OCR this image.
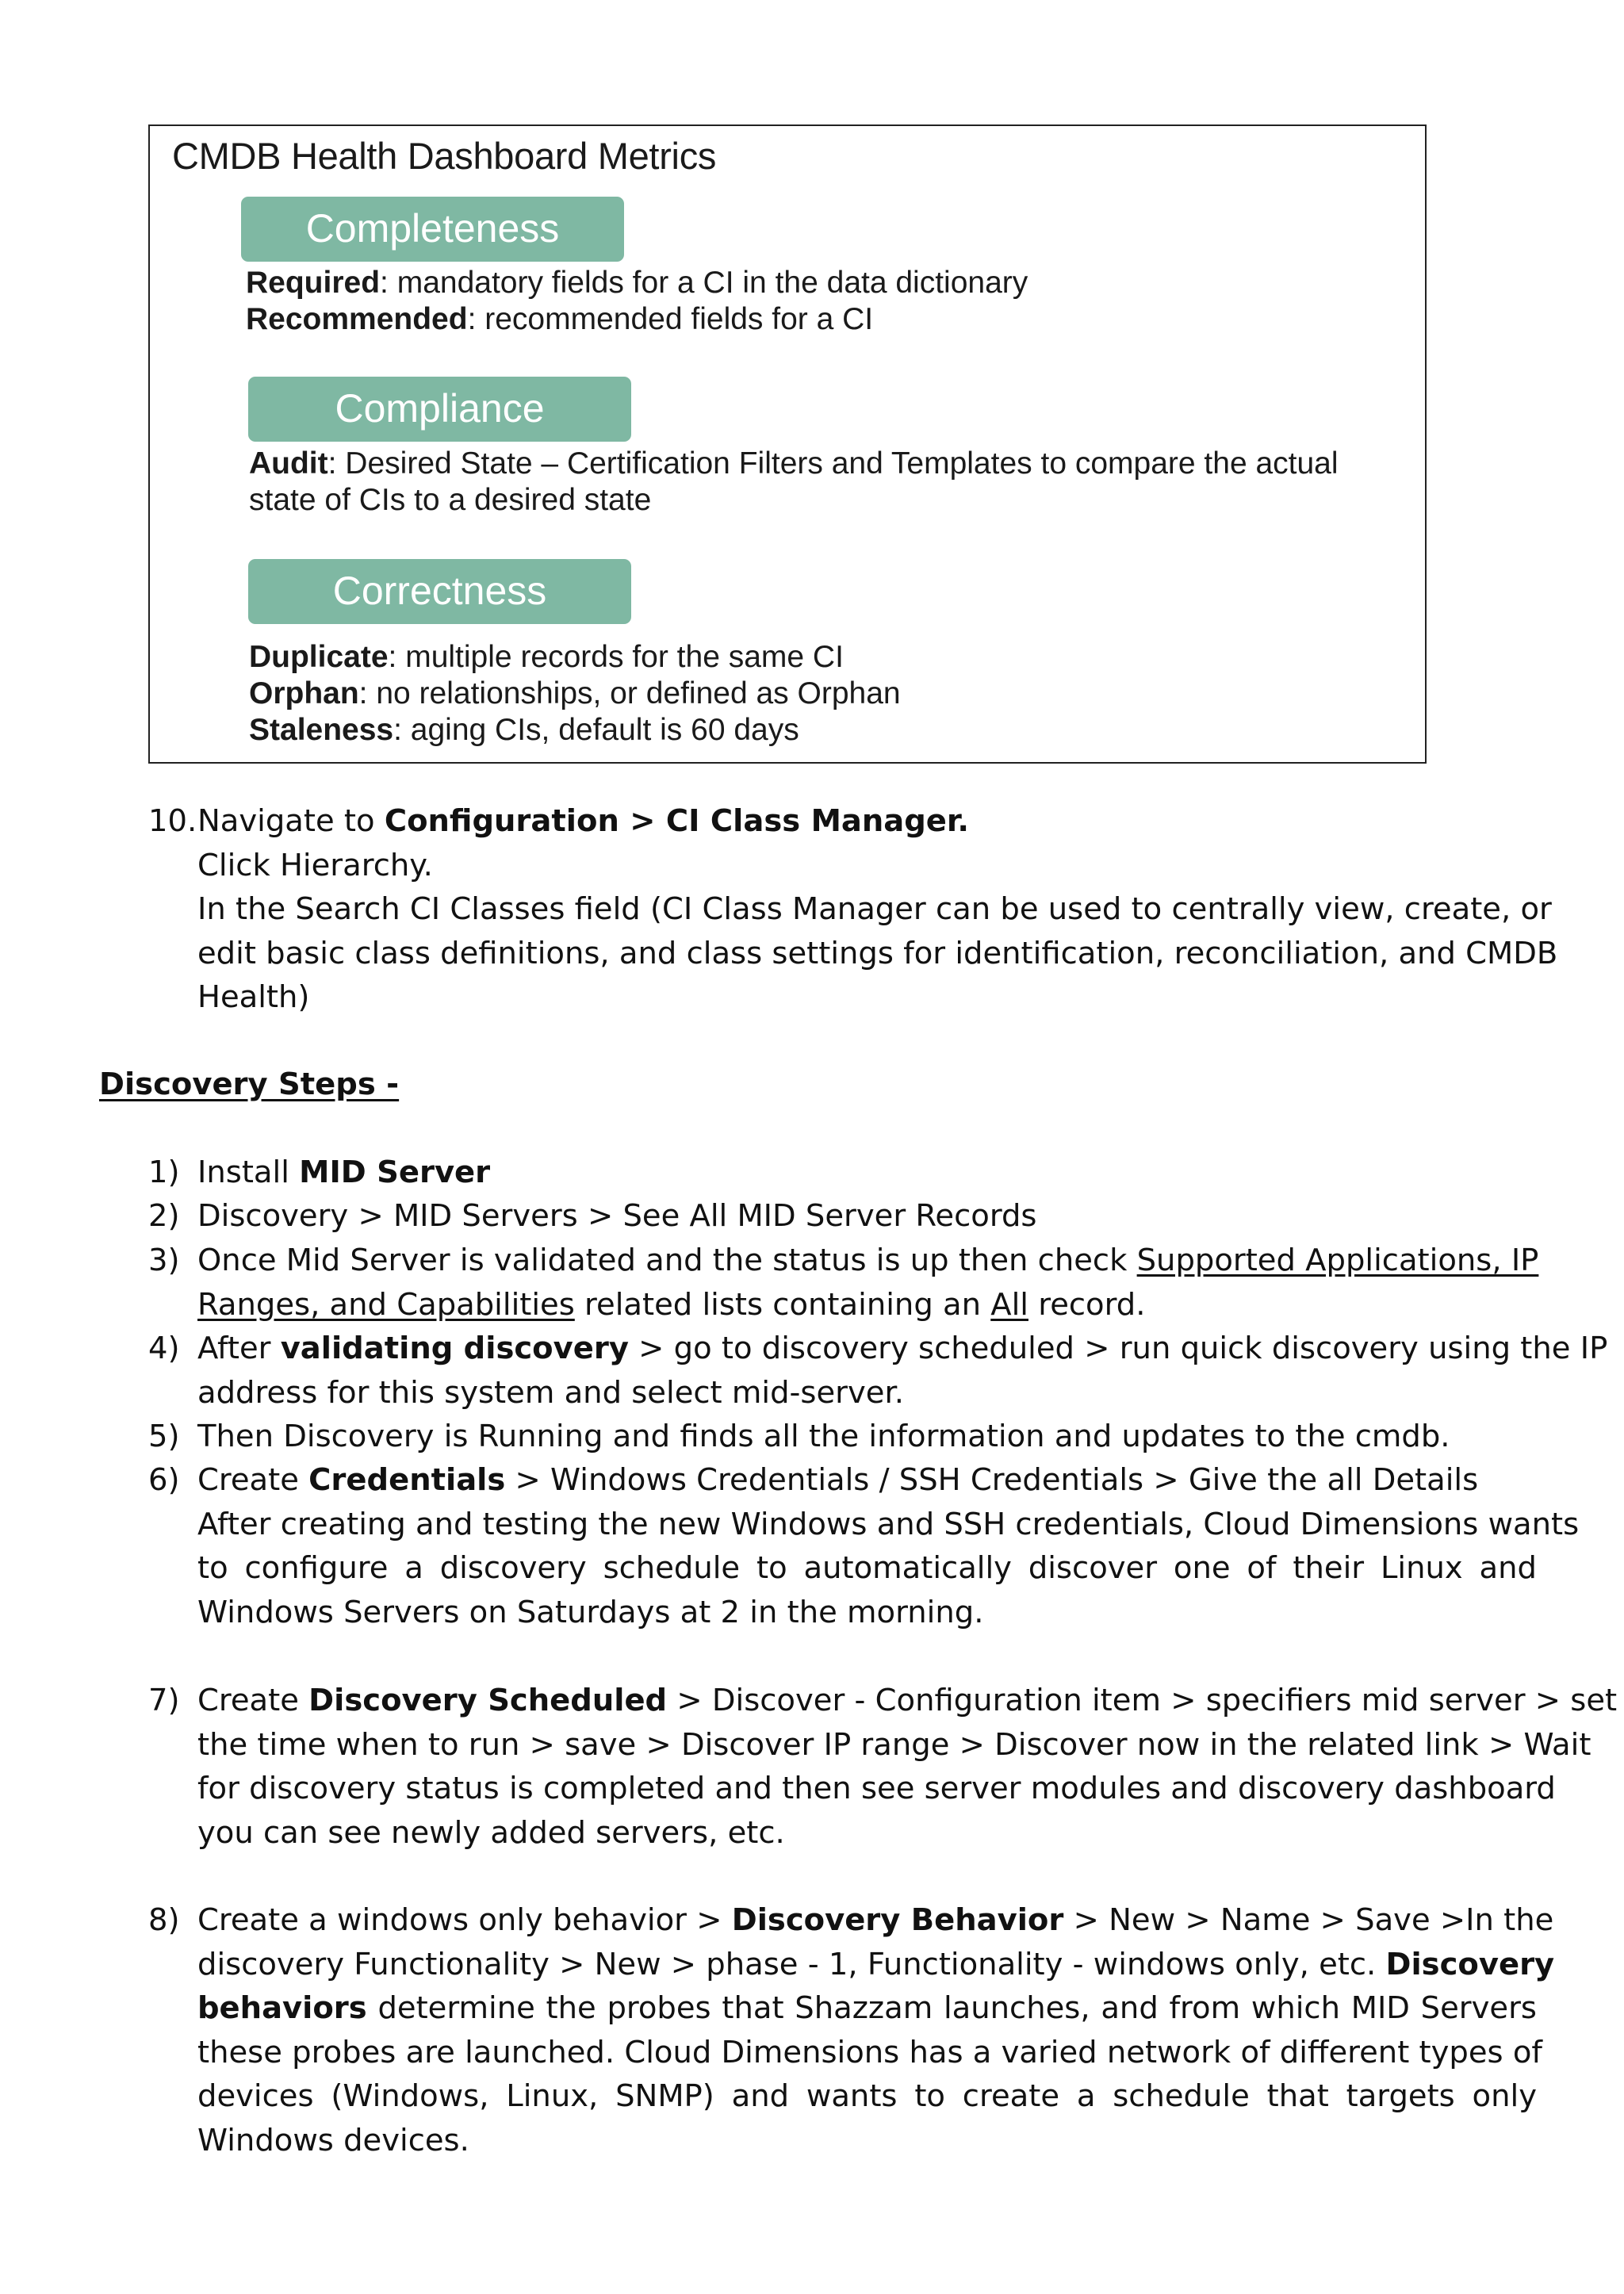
CMDB Health Dashboard Metrics
Completeness
Required: mandatory fields for a CI in the data dictionary
Recommended: recommended fields for a CI
Compliance
Audit: Desired State – Certification Filters and Templates to compare the actual
state of CIs to a desired state
Correctness
Duplicate: multiple records for the same CI
Orphan: no relationships, or defined as Orphan
Staleness: aging CIs, default is 60 days
10. Navigate to Configuration > CI Class Manager.
Click Hierarchy.
In the Search CI Classes field (CI Class Manager can be used to centrally view, create, or
edit basic class definitions, and class settings for identification, reconciliation, and CMDB
Health)
Discovery Steps -
1) Install MID Server
2) Discovery > MID Servers > See All MID Server Records
3) Once Mid Server is validated and the status is up then check Supported Applications, IP
Ranges, and Capabilities related lists containing an All record.
4) After validating discovery > go to discovery scheduled > run quick discovery using the IP
address for this system and select mid-server.
5) Then Discovery is Running and finds all the information and updates to the cmdb.
6) Create Credentials > Windows Credentials / SSH Credentials > Give the all Details
After creating and testing the new Windows and SSH credentials, Cloud Dimensions wants
to configure a discovery schedule to automatically discover one of their Linux and
Windows Servers on Saturdays at 2 in the morning.
7) Create Discovery Scheduled > Discover - Configuration item > specifiers mid server > set
the time when to run > save > Discover IP range > Discover now in the related link > Wait
for discovery status is completed and then see server modules and discovery dashboard
you can see newly added servers, etc.
8) Create a windows only behavior > Discovery Behavior > New > Name > Save >In the
discovery Functionality > New > phase - 1, Functionality - windows only, etc. Discovery
behaviors determine the probes that Shazzam launches, and from which MID Servers
these probes are launched. Cloud Dimensions has a varied network of different types of
devices (Windows, Linux, SNMP) and wants to create a schedule that targets only
Windows devices.
